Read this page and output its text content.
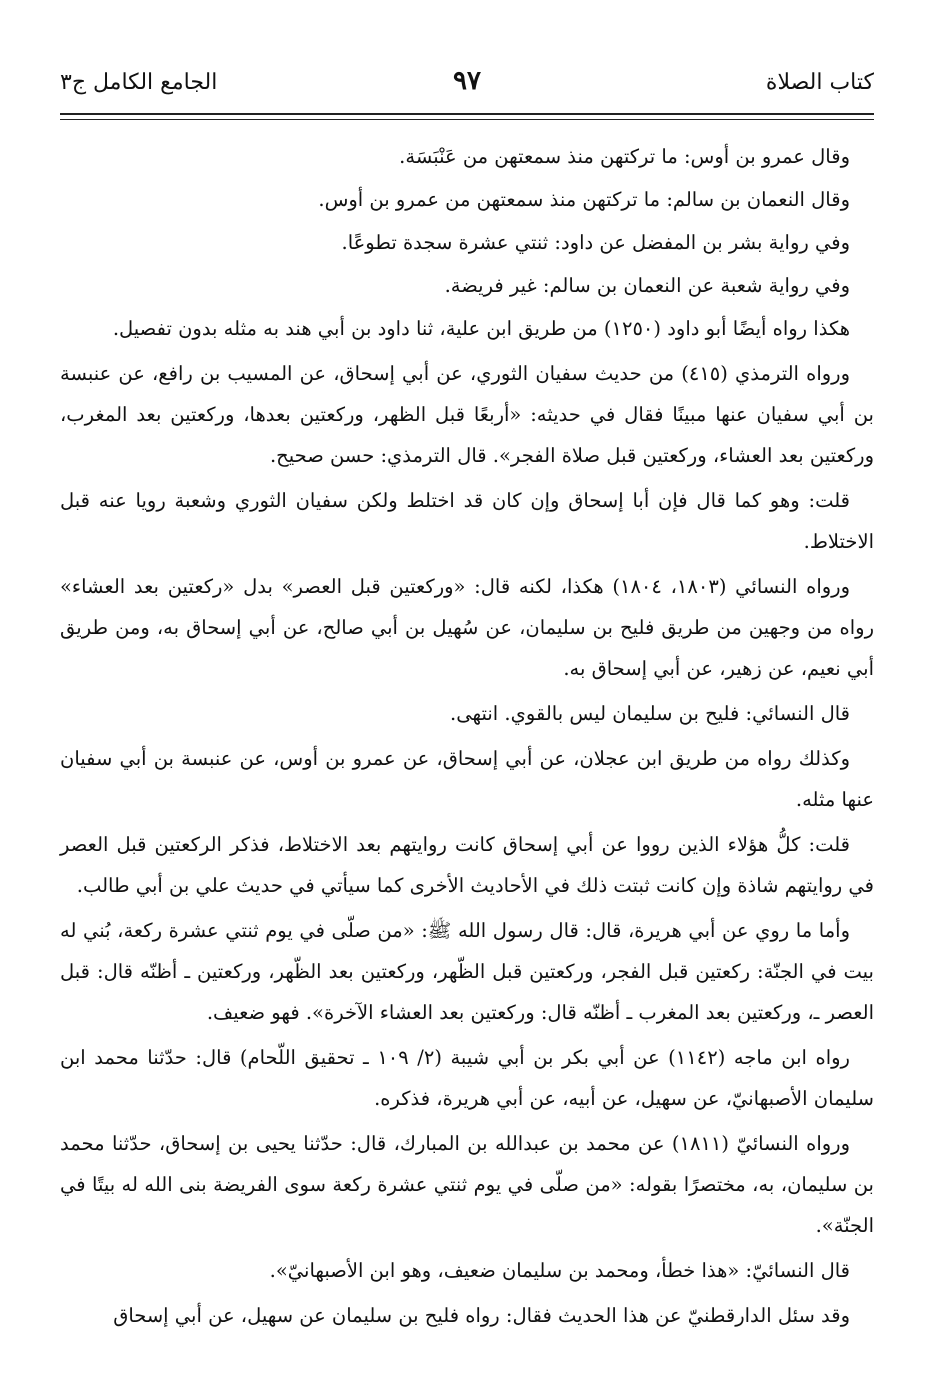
كتاب الصلاة
٩٧
الجامع الكامل ج٣

وقال عمرو بن أوس: ما تركتهن منذ سمعتهن من عَنْبَسَة.

وقال النعمان بن سالم: ما تركتهن منذ سمعتهن من عمرو بن أوس.

وفي رواية بشر بن المفضل عن داود: ثنتي عشرة سجدة تطوعًا.

وفي رواية شعبة عن النعمان بن سالم: غير فريضة.

هكذا رواه أيضًا أبو داود (١٢٥٠) من طريق ابن علية، ثنا داود بن أبي هند به مثله بدون تفصيل.

ورواه الترمذي (٤١٥) من حديث سفيان الثوري، عن أبي إسحاق، عن المسيب بن رافع، عن عنبسة بن أبي سفيان عنها مبينًا فقال في حديثه: «أربعًا قبل الظهر، وركعتين بعدها، وركعتين بعد المغرب، وركعتين بعد العشاء، وركعتين قبل صلاة الفجر». قال الترمذي: حسن صحيح.

قلت: وهو كما قال فإن أبا إسحاق وإن كان قد اختلط ولكن سفيان الثوري وشعبة رويا عنه قبل الاختلاط.

ورواه النسائي (١٨٠٣، ١٨٠٤) هكذا، لكنه قال: «وركعتين قبل العصر» بدل «ركعتين بعد العشاء» رواه من وجهين من طريق فليح بن سليمان، عن سُهيل بن أبي صالح، عن أبي إسحاق به، ومن طريق أبي نعيم، عن زهير، عن أبي إسحاق به.

قال النسائي: فليح بن سليمان ليس بالقوي. انتهى.

وكذلك رواه من طريق ابن عجلان، عن أبي إسحاق، عن عمرو بن أوس، عن عنبسة بن أبي سفيان عنها مثله.

قلت: كلُّ هؤلاء الذين رووا عن أبي إسحاق كانت روايتهم بعد الاختلاط، فذكر الركعتين قبل العصر في روايتهم شاذة وإن كانت ثبتت ذلك في الأحاديث الأخرى كما سيأتي في حديث علي بن أبي طالب.

وأما ما روي عن أبي هريرة، قال: قال رسول الله ﷺ: «من صلّى في يوم ثنتي عشرة ركعة، بُني له بيت في الجنّة: ركعتين قبل الفجر، وركعتين قبل الظّهر، وركعتين بعد الظّهر، وركعتين ـ أظنّه قال: قبل العصر ـ، وركعتين بعد المغرب ـ أظنّه قال: وركعتين بعد العشاء الآخرة». فهو ضعيف.

رواه ابن ماجه (١١٤٢) عن أبي بكر بن أبي شيبة (٢/ ١٠٩ ـ تحقيق اللّحام) قال: حدّثنا محمد ابن سليمان الأصبهانيّ، عن سهيل، عن أبيه، عن أبي هريرة، فذكره.

ورواه النسائيّ (١٨١١) عن محمد بن عبدالله بن المبارك، قال: حدّثنا يحيى بن إسحاق، حدّثنا محمد بن سليمان، به، مختصرًا بقوله: «من صلّى في يوم ثنتي عشرة ركعة سوى الفريضة بنى الله له بيتًا في الجنّة».

قال النسائيّ: «هذا خطأ، ومحمد بن سليمان ضعيف، وهو ابن الأصبهانيّ».

وقد سئل الدارقطنيّ عن هذا الحديث فقال: رواه فليح بن سليمان عن سهيل، عن أبي إسحاق
